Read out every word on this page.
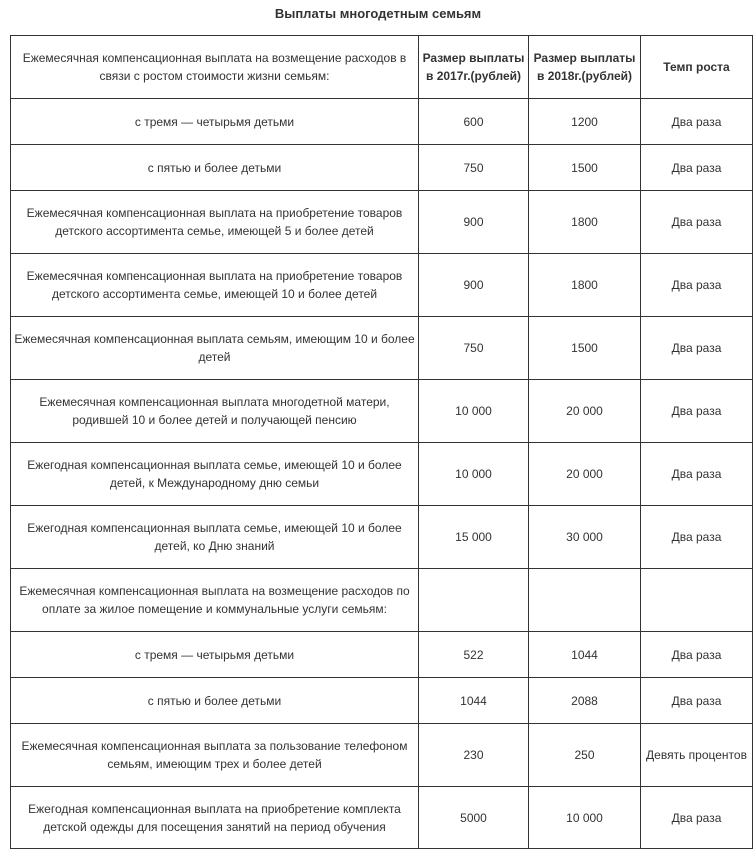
Выплаты многодетным семьям
Ежемесячная компенсационная выплата на возмещение расходов в связи с ростом стоимости жизни семьям:	Размер выплаты в 2017г.(рублей)	Размер выплаты в 2018г.(рублей)	Темп роста
с тремя — четырьмя детьми	600	1200	Два раза
с пятью и более детьми	750	1500	Два раза
Ежемесячная компенсационная выплата на приобретение товаров детского ассортимента семье, имеющей 5 и более детей	900	1800	Два раза
Ежемесячная компенсационная выплата на приобретение товаров детского ассортимента семье, имеющей 10 и более детей	900	1800	Два раза
Ежемесячная компенсационная выплата семьям, имеющим 10 и более детей	750	1500	Два раза
Ежемесячная компенсационная выплата многодетной матери, родившей 10 и более детей и получающей пенсию	10 000	20 000	Два раза
Ежегодная компенсационная выплата семье, имеющей 10 и более детей, к Международному дню семьи	10 000	20 000	Два раза
Ежегодная компенсационная выплата семье, имеющей 10 и более детей, ко Дню знаний	15 000	30 000	Два раза
Ежемесячная компенсационная выплата на возмещение расходов по оплате за жилое помещение и коммунальные услуги семьям:			
с тремя — четырьмя детьми	522	1044	Два раза
с пятью и более детьми	1044	2088	Два раза
Ежемесячная компенсационная выплата за пользование телефоном семьям, имеющим трех и более детей	230	250	Девять процентов
Ежегодная компенсационная выплата на приобретение комплекта детской одежды для посещения занятий на период обучения	5000	10 000	Два раза
